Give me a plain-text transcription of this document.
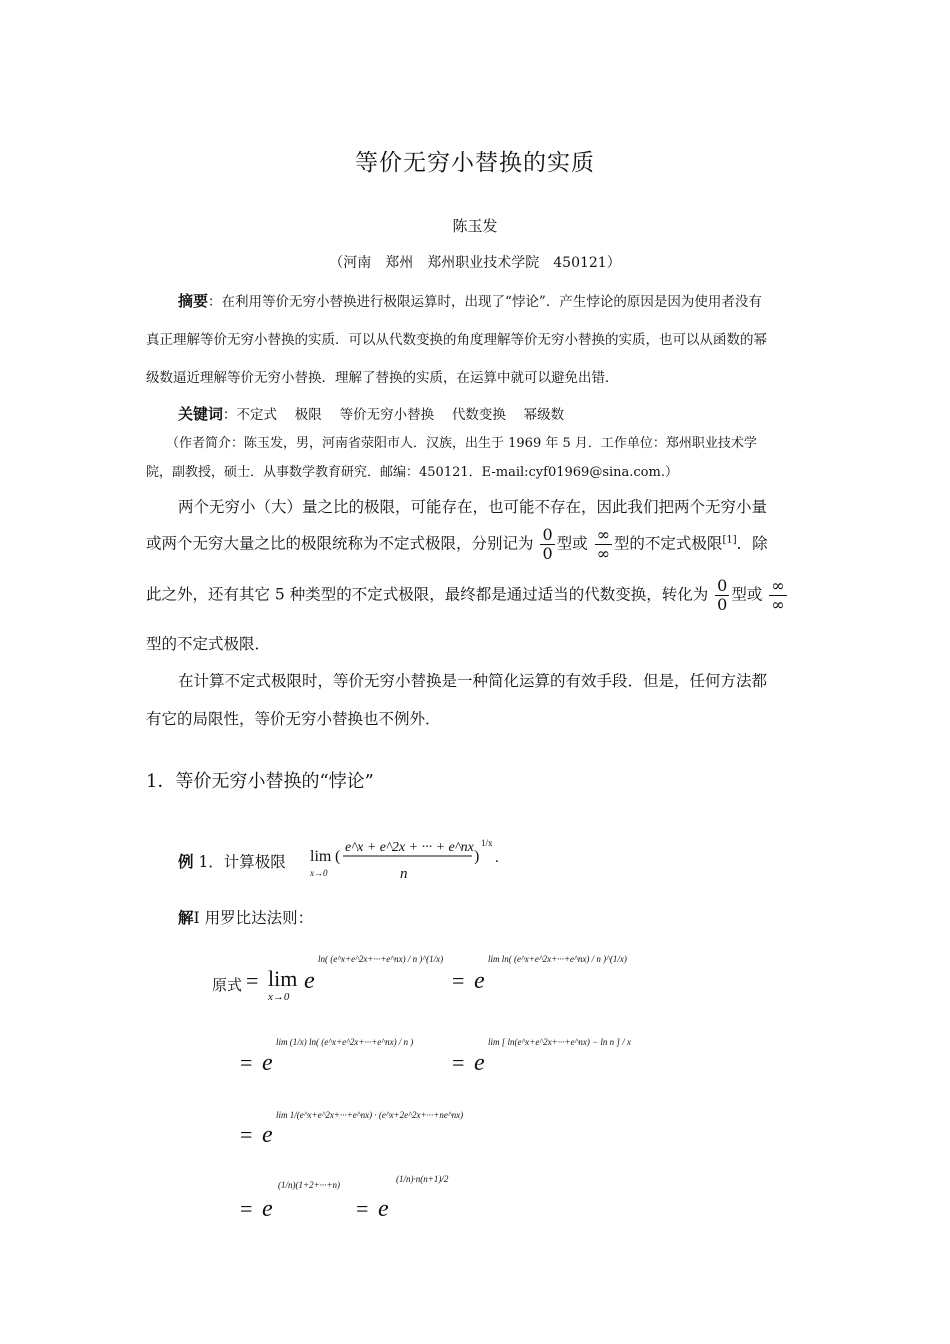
等价无穷小替换的实质
陈玉发
（河南　郑州　郑州职业技术学院　450121）
摘要：在利用等价无穷小替换进行极限运算时，出现了“悖论”．产生悖论的原因是因为使用者没有
真正理解等价无穷小替换的实质．可以从代数变换的角度理解等价无穷小替换的实质，也可以从函数的幂
级数逼近理解等价无穷小替换．理解了替换的实质，在运算中就可以避免出错．
关键词：不定式　 极限　 等价无穷小替换　 代数变换　 幂级数
（作者简介：陈玉发，男，河南省荥阳市人．汉族，出生于 1969 年 5 月．工作单位：郑州职业技术学
院，副教授，硕士．从事数学教育研究．邮编：450121．E-mail:cyf01969@sina.com.）
两个无穷小（大）量之比的极限，可能存在，也可能不存在，因此我们把两个无穷小量
或两个无穷大量之比的极限统称为不定式极限，分别记为 $\frac{0}{0}$ 型或 $\frac{\infty}{\infty}$ 型的不定式极限[1]．除
此之外，还有其它 5 种类型的不定式极限，最终都是通过适当的代数变换，转化为 $\frac{0}{0}$ 型或 $\frac{\infty}{\infty}$
型的不定式极限．
在计算不定式极限时，等价无穷小替换是一种简化运算的有效手段．但是，任何方法都
有它的局限性，等价无穷小替换也不例外．
1．等价无穷小替换的“悖论”
例 1．计算极限 lim
x→0
(
e^x + e^2x + ··· + e^nx
n
)
1/x
.
解Ⅰ 用罗比达法则：
原式 = lim
x→0
e
ln( (e^x+e^2x+···+e^nx) / n )^(1/x)
= e
lim ln( (e^x+e^2x+···+e^nx) / n )^(1/x)
= e
lim (1/x) ln( (e^x+e^2x+···+e^nx) / n )
= e
lim [ ln(e^x+e^2x+···+e^nx) − ln n ] / x
= e
lim 1/(e^x+e^2x+···+e^nx) · (e^x+2e^2x+···+ne^nx)
= e
(1/n)(1+2+···+n)
= e
(1/n)·n(n+1)/2
